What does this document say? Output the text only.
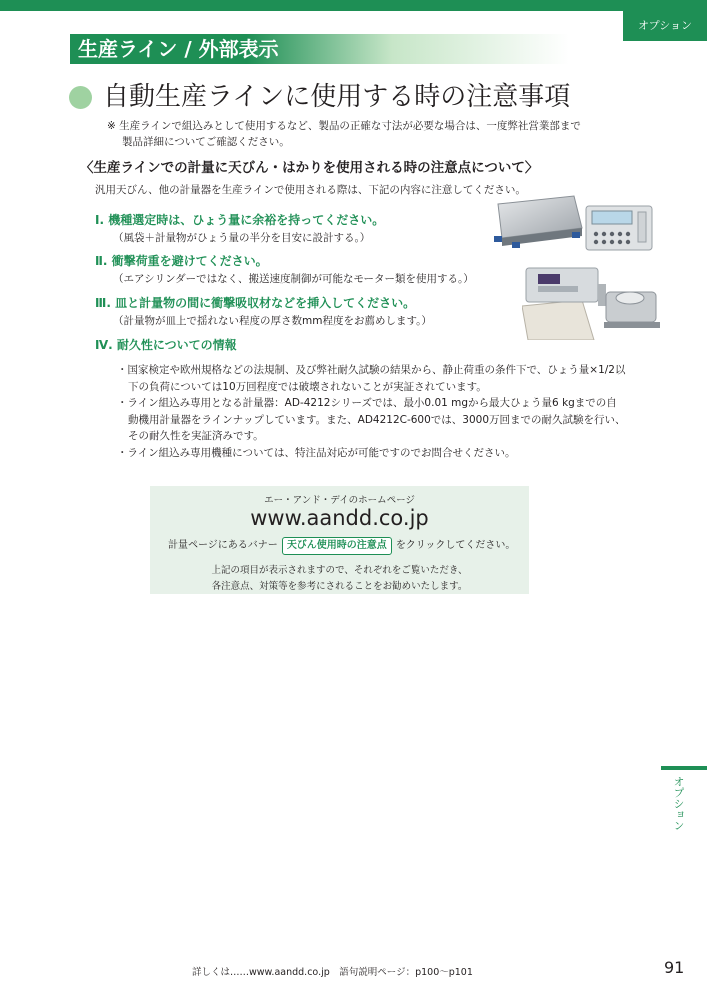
オプション
生産ライン / 外部表示
自動生産ラインに使用する時の注意事項
※ 生産ラインで組込みとして使用するなど、製品の正確な寸法が必要な場合は、一度弊社営業部まで
製品詳細についてご確認ください。
〈生産ラインでの計量に天びん・はかりを使用される時の注意点について〉
汎用天びん、他の計量器を生産ラインで使用される際は、下記の内容に注意してください。
Ⅰ. 機種選定時は、ひょう量に余裕を持ってください。
（風袋＋計量物がひょう量の半分を目安に設計する。）
Ⅱ. 衝撃荷重を避けてください。
（エアシリンダーではなく、搬送速度制御が可能なモーター類を使用する。）
Ⅲ. 皿と計量物の間に衝撃吸収材などを挿入してください。
（計量物が皿上で揺れない程度の厚さ数mm程度をお薦めします。）
Ⅳ. 耐久性についての情報
・国家検定や欧州規格などの法規制、及び弊社耐久試験の結果から、静止荷重の条件下で、ひょう量×1/2以下の負荷については10万回程度では破壊されないことが実証されています。
・ライン組込み専用となる計量器：AD-4212シリーズでは、最小0.01 mgから最大ひょう量6 kgまでの自動機用計量器をラインナップしています。また、AD4212C-600では、3000万回までの耐久試験を行い、その耐久性を実証済みです。
・ライン組込み専用機種については、特注品対応が可能ですのでお問合せください。
エー・アンド・デイのホームページ
www.aandd.co.jp
計量ページにあるバナー 天びん使用時の注意点 をクリックしてください。
上記の項目が表示されますので、それぞれをご覧いただき、
各注意点、対策等を参考にされることをお勧めいたします。
オプション
詳しくは……www.aandd.co.jp　語句説明ページ：p100〜p101	91
